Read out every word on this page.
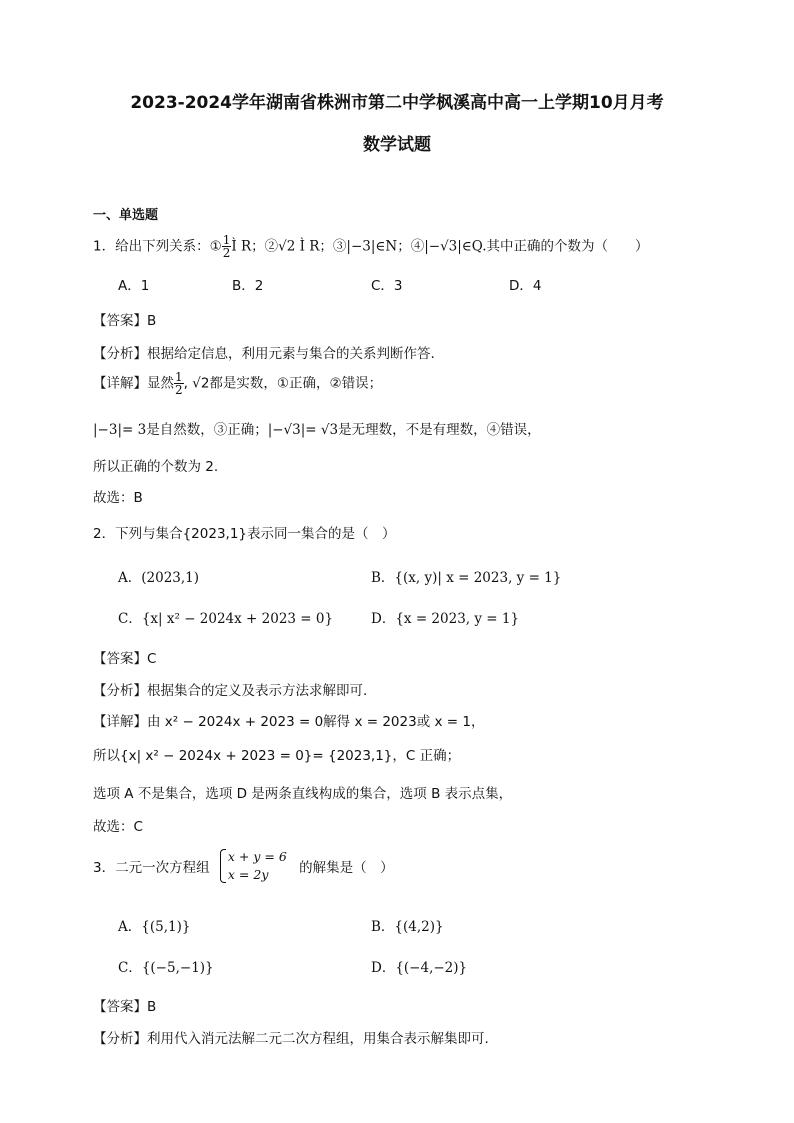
2023-2024学年湖南省株洲市第二中学枫溪高中高一上学期10月月考
数学试题
一、单选题
1．给出下列关系：① $\frac{1}{2}$ Ì R；②√2 Ì R；③|−3|∈N；④|−√3|∈Q.其中正确的个数为（　　）
A．1	B．2	C．3	D．4
【答案】B
【分析】根据给定信息，利用元素与集合的关系判断作答.
【详解】显然 $\frac{1}{2}$ , √2都是实数，①正确，②错误；
|−3|= 3是自然数，③正确；|−√3|= √3是无理数，不是有理数，④错误，
所以正确的个数为 2.
故选：B
2．下列与集合{2023,1}表示同一集合的是（　）
A．(2023,1)	B．{(x, y)| x = 2023, y = 1}
C．{x| x² − 2024x + 2023 = 0}	D．{x = 2023, y = 1}
【答案】C
【分析】根据集合的定义及表示方法求解即可.
【详解】由 x² − 2024x + 2023 = 0解得 x = 2023或 x = 1，
所以{x| x² − 2024x + 2023 = 0}= {2023,1}，C 正确；
选项 A 不是集合，选项 D 是两条直线构成的集合，选项 B 表示点集，
故选：C
3．二元一次方程组
x + y = 6
x = 2y	的解集是（　）
A．{(5,1)}	B．{(4,2)}
C．{(−5,−1)}	D．{(−4,−2)}
【答案】B
【分析】利用代入消元法解二元二次方程组，用集合表示解集即可.
